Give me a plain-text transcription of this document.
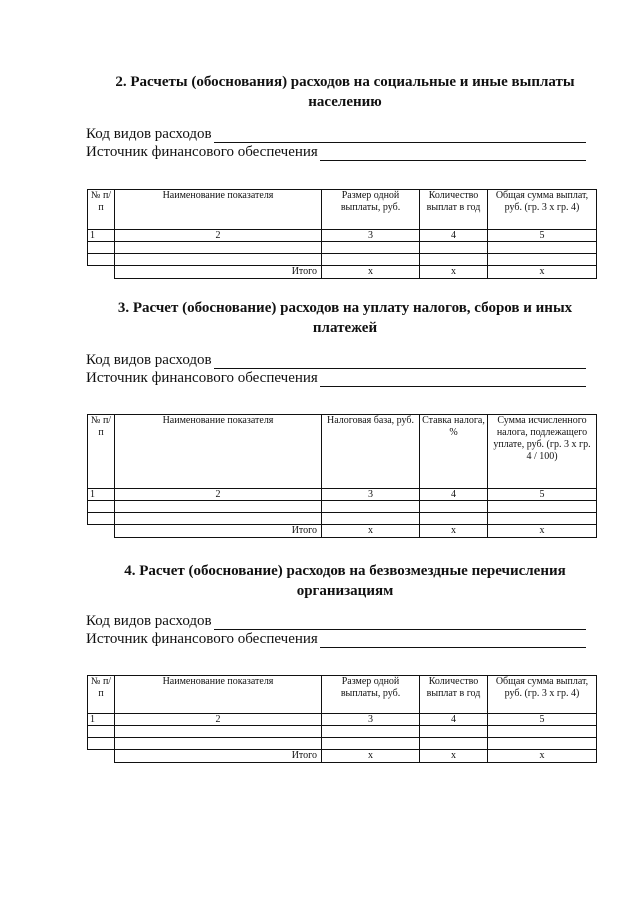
2. Расчеты (обоснования) расходов на социальные и иные выплаты населению
Код видов расходов
Источник финансового обеспечения
№ п/п	Наименование показателя	Размер одной выплаты, руб.	Количество выплат в год	Общая сумма выплат, руб. (гр. 3 х гр. 4)
1	2	3	4	5

	Итого	х	х	х
3. Расчет (обоснование) расходов на уплату налогов, сборов и иных платежей
Код видов расходов
Источник финансового обеспечения
№ п/п	Наименование показателя	Налоговая база, руб.	Ставка налога, %	Сумма исчисленного налога, подлежащего уплате, руб. (гр. 3 х гр. 4 / 100)
1	2	3	4	5

	Итого	х	х	х
4. Расчет (обоснование) расходов на безвозмездные перечисления организациям
Код видов расходов
Источник финансового обеспечения
№ п/п	Наименование показателя	Размер одной выплаты, руб.	Количество выплат в год	Общая сумма выплат, руб. (гр. 3 х гр. 4)
1	2	3	4	5

	Итого	х	х	х
